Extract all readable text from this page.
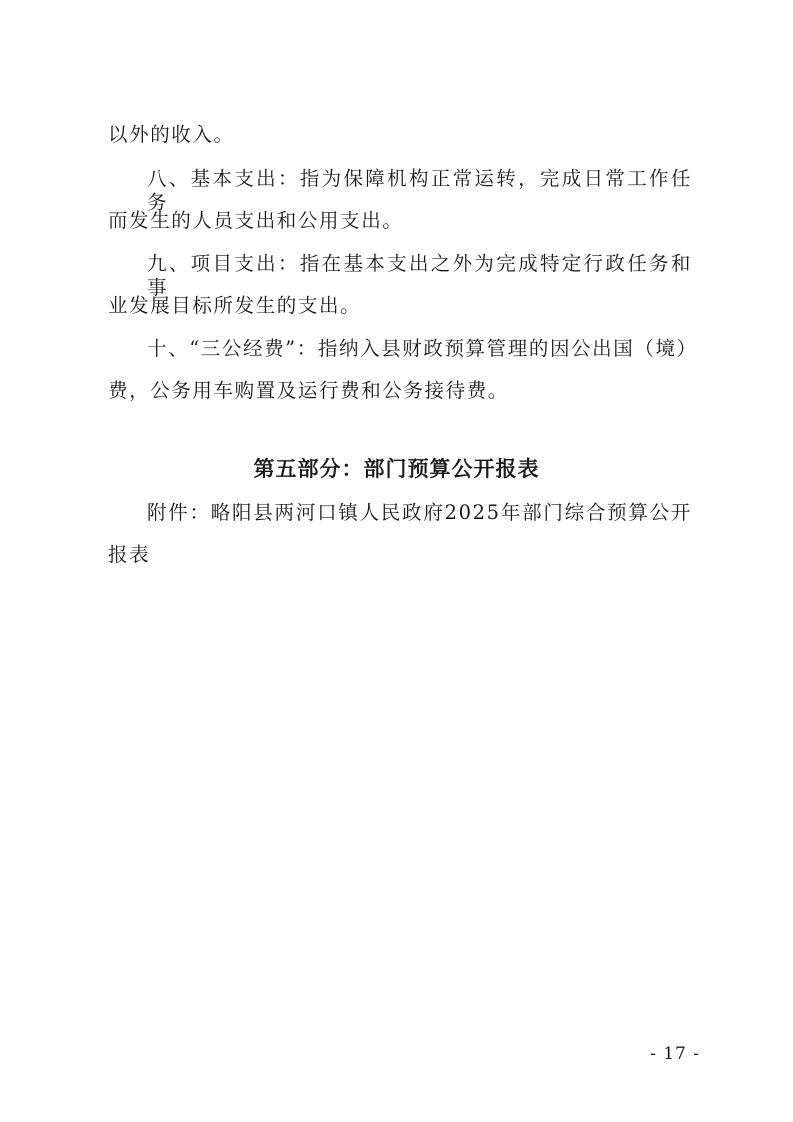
以外的收入。
八、基本支出：指为保障机构正常运转，完成日常工作任务
而发生的人员支出和公用支出。
九、项目支出：指在基本支出之外为完成特定行政任务和事
业发展目标所发生的支出。
十、“三公经费”：指纳入县财政预算管理的因公出国（境）
费，公务用车购置及运行费和公务接待费。
第五部分：部门预算公开报表
附件：略阳县两河口镇人民政府2025年部门综合预算公开
报表
- 17 -
